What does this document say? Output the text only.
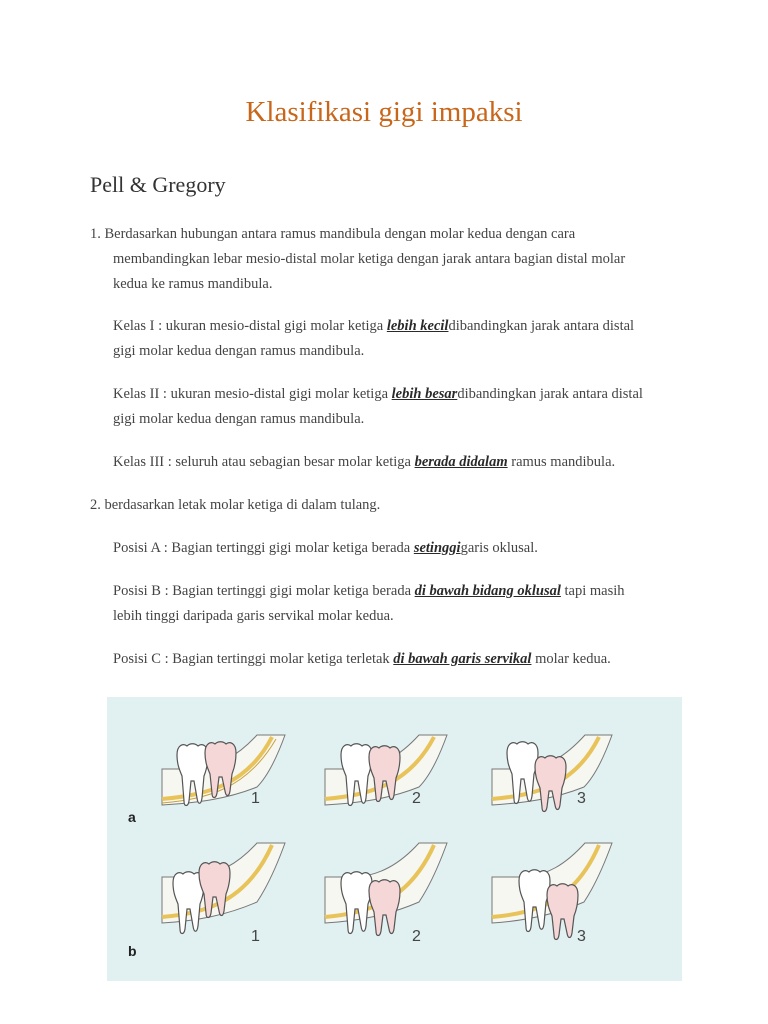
Klasifikasi gigi impaksi
Pell & Gregory

1. Berdasarkan hubungan antara ramus mandibula dengan molar kedua dengan cara

membandingkan lebar mesio-distal molar ketiga dengan jarak antara bagian distal molar

kedua ke ramus mandibula.

Kelas I : ukuran mesio-distal gigi molar ketiga lebih kecildibandingkan jarak antara distal

gigi molar kedua dengan ramus mandibula.

Kelas II : ukuran mesio-distal gigi molar ketiga lebih besardibandingkan jarak antara distal

gigi molar kedua dengan ramus mandibula.

Kelas III : seluruh atau sebagian besar molar ketiga berada didalam ramus mandibula.

2. berdasarkan letak molar ketiga di dalam tulang.

Posisi A : Bagian tertinggi gigi molar ketiga berada setinggigaris oklusal.

Posisi B : Bagian tertinggi gigi molar ketiga berada di bawah bidang oklusal tapi masih

lebih tinggi daripada garis servikal molar kedua.

Posisi C : Bagian tertinggi molar ketiga terletak di bawah garis servikal molar kedua.

1	2	3
1	2	3
a
b
